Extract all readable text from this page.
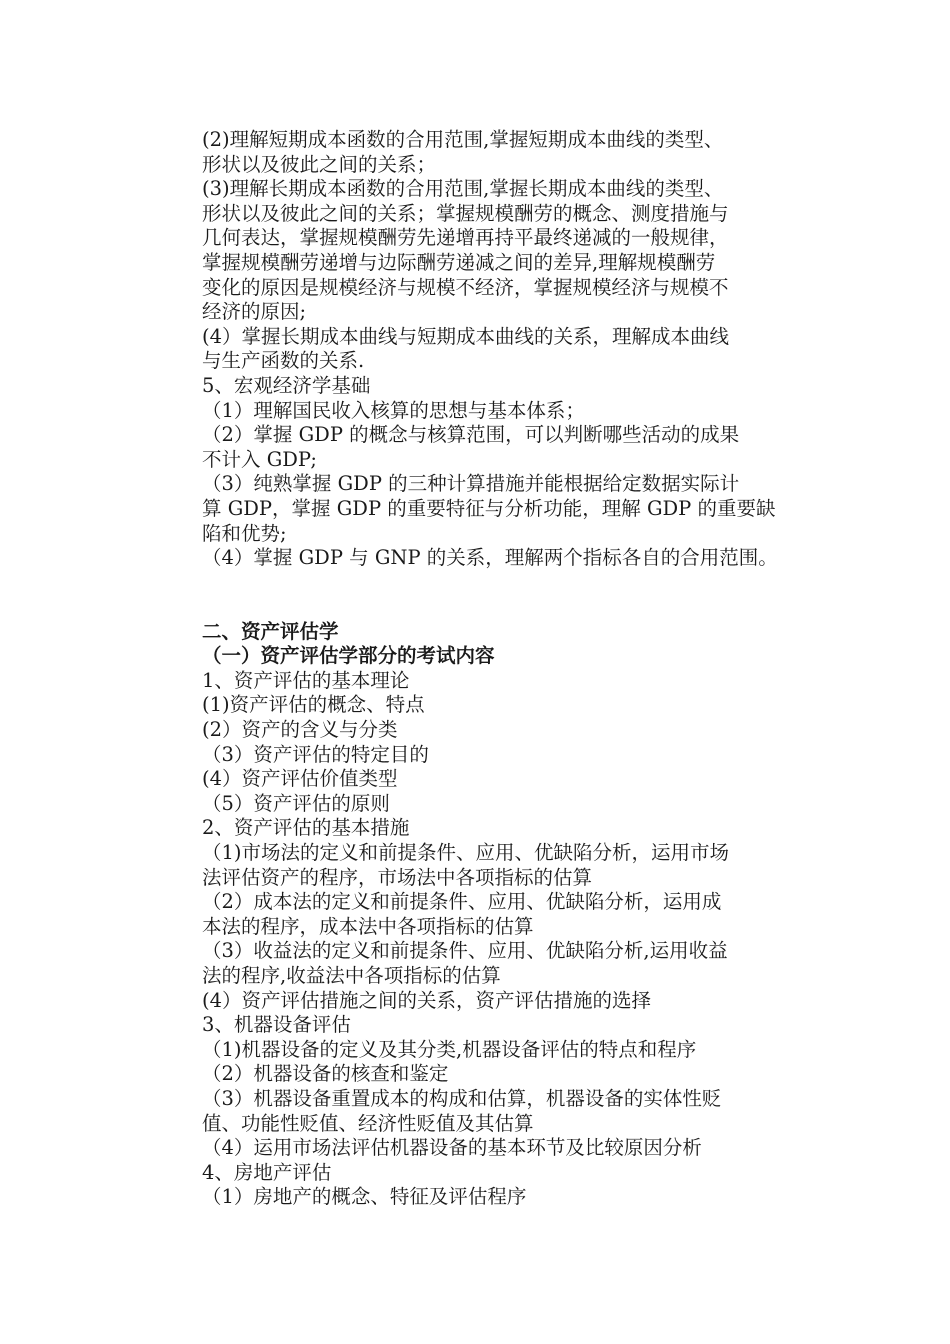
(2)理解短期成本函数的合用范围,掌握短期成本曲线的类型、
形状以及彼此之间的关系；

(3)理解长期成本函数的合用范围,掌握长期成本曲线的类型、
形状以及彼此之间的关系；掌握规模酬劳的概念、测度措施与
几何表达，掌握规模酬劳先递增再持平最终递减的一般规律，
掌握规模酬劳递增与边际酬劳递减之间的差异,理解规模酬劳
变化的原因是规模经济与规模不经济，掌握规模经济与规模不
经济的原因;

(4）掌握长期成本曲线与短期成本曲线的关系，理解成本曲线
与生产函数的关系.

5、宏观经济学基础

（1）理解国民收入核算的思想与基本体系；

（2）掌握 GDP 的概念与核算范围，可以判断哪些活动的成果
不计入 GDP;

（3）纯熟掌握 GDP 的三种计算措施并能根据给定数据实际计
算 GDP，掌握 GDP 的重要特征与分析功能，理解 GDP 的重要缺
陷和优势;

（4）掌握 GDP 与 GNP 的关系，理解两个指标各自的合用范围。

二、资产评估学

（一）资产评估学部分的考试内容

1、资产评估的基本理论

(1)资产评估的概念、特点

(2）资产的含义与分类

（3）资产评估的特定目的

(4）资产评估价值类型

（5）资产评估的原则

2、资产评估的基本措施

（1)市场法的定义和前提条件、应用、优缺陷分析，运用市场
法评估资产的程序，市场法中各项指标的估算

（2）成本法的定义和前提条件、应用、优缺陷分析，运用成
本法的程序，成本法中各项指标的估算

（3）收益法的定义和前提条件、应用、优缺陷分析,运用收益
法的程序,收益法中各项指标的估算

(4）资产评估措施之间的关系，资产评估措施的选择

3、机器设备评估

（1)机器设备的定义及其分类,机器设备评估的特点和程序

（2）机器设备的核查和鉴定

（3）机器设备重置成本的构成和估算，机器设备的实体性贬
值、功能性贬值、经济性贬值及其估算

（4）运用市场法评估机器设备的基本环节及比较原因分析

4、房地产评估

（1）房地产的概念、特征及评估程序
